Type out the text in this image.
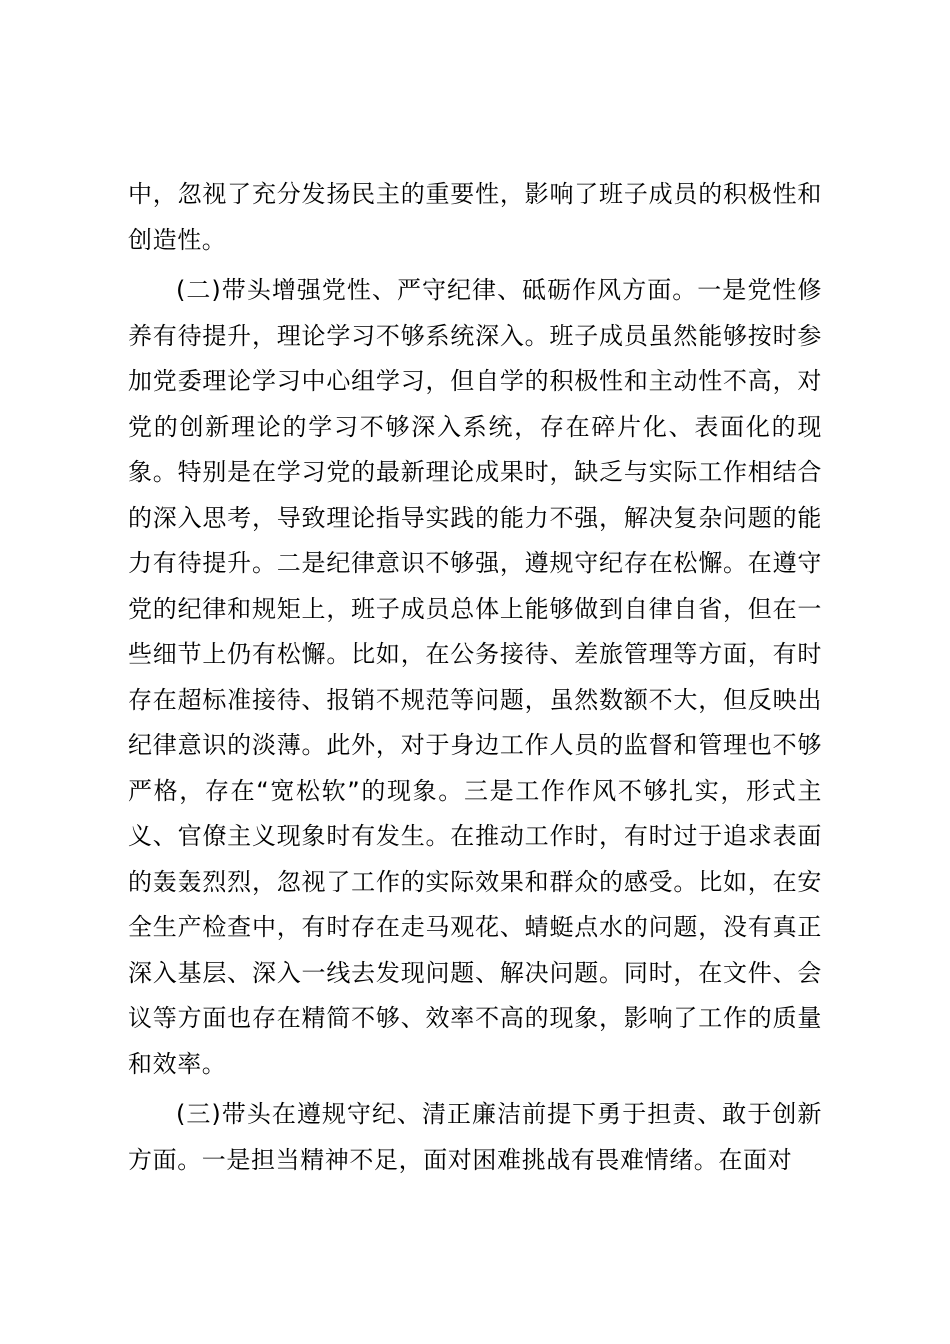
中，忽视了充分发扬民主的重要性，影响了班子成员的积极性和创造性。

(二)带头增强党性、严守纪律、砥砺作风方面。一是党性修养有待提升，理论学习不够系统深入。班子成员虽然能够按时参加党委理论学习中心组学习，但自学的积极性和主动性不高，对党的创新理论的学习不够深入系统，存在碎片化、表面化的现象。特别是在学习党的最新理论成果时，缺乏与实际工作相结合的深入思考，导致理论指导实践的能力不强，解决复杂问题的能力有待提升。二是纪律意识不够强，遵规守纪存在松懈。在遵守党的纪律和规矩上，班子成员总体上能够做到自律自省，但在一些细节上仍有松懈。比如，在公务接待、差旅管理等方面，有时存在超标准接待、报销不规范等问题，虽然数额不大，但反映出纪律意识的淡薄。此外，对于身边工作人员的监督和管理也不够严格，存在“宽松软”的现象。三是工作作风不够扎实，形式主义、官僚主义现象时有发生。在推动工作时，有时过于追求表面的轰轰烈烈，忽视了工作的实际效果和群众的感受。比如，在安全生产检查中，有时存在走马观花、蜻蜓点水的问题，没有真正深入基层、深入一线去发现问题、解决问题。同时，在文件、会议等方面也存在精简不够、效率不高的现象，影响了工作的质量和效率。

(三)带头在遵规守纪、清正廉洁前提下勇于担责、敢于创新方面。一是担当精神不足，面对困难挑战有畏难情绪。在面对
